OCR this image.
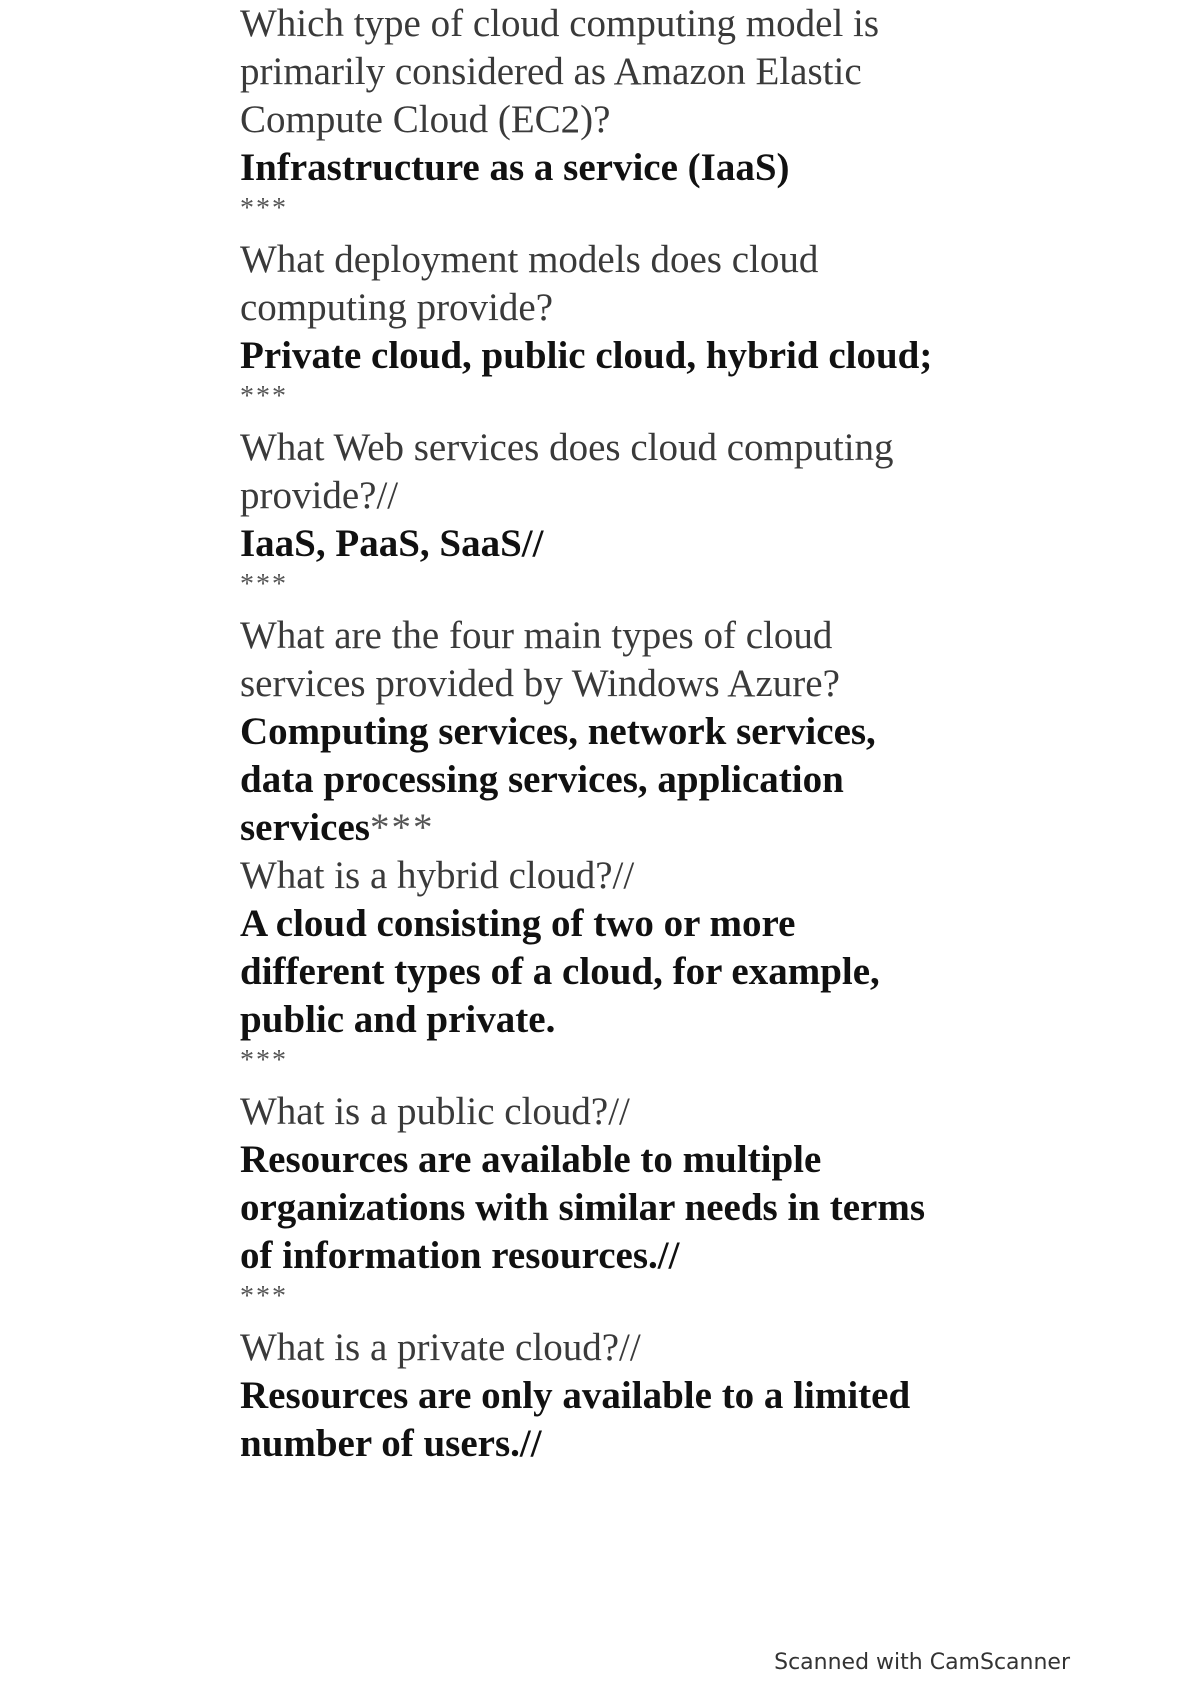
Which type of cloud computing model is primarily considered as Amazon Elastic Compute Cloud (EC2)?
Infrastructure as a service (IaaS)
***
What deployment models does cloud computing provide?
Private cloud, public cloud, hybrid cloud;
***
What Web services does cloud computing provide?//
IaaS, PaaS, SaaS//
***
What are the four main types of cloud services provided by Windows Azure?
Computing services, network services, data processing services, application services***
What is a hybrid cloud?//
A cloud consisting of two or more different types of a cloud, for example, public and private.
***
What is a public cloud?//
Resources are available to multiple organizations with similar needs in terms of information resources.//
***
What is a private cloud?//
Resources are only available to a limited number of users.//
Scanned with CamScanner
